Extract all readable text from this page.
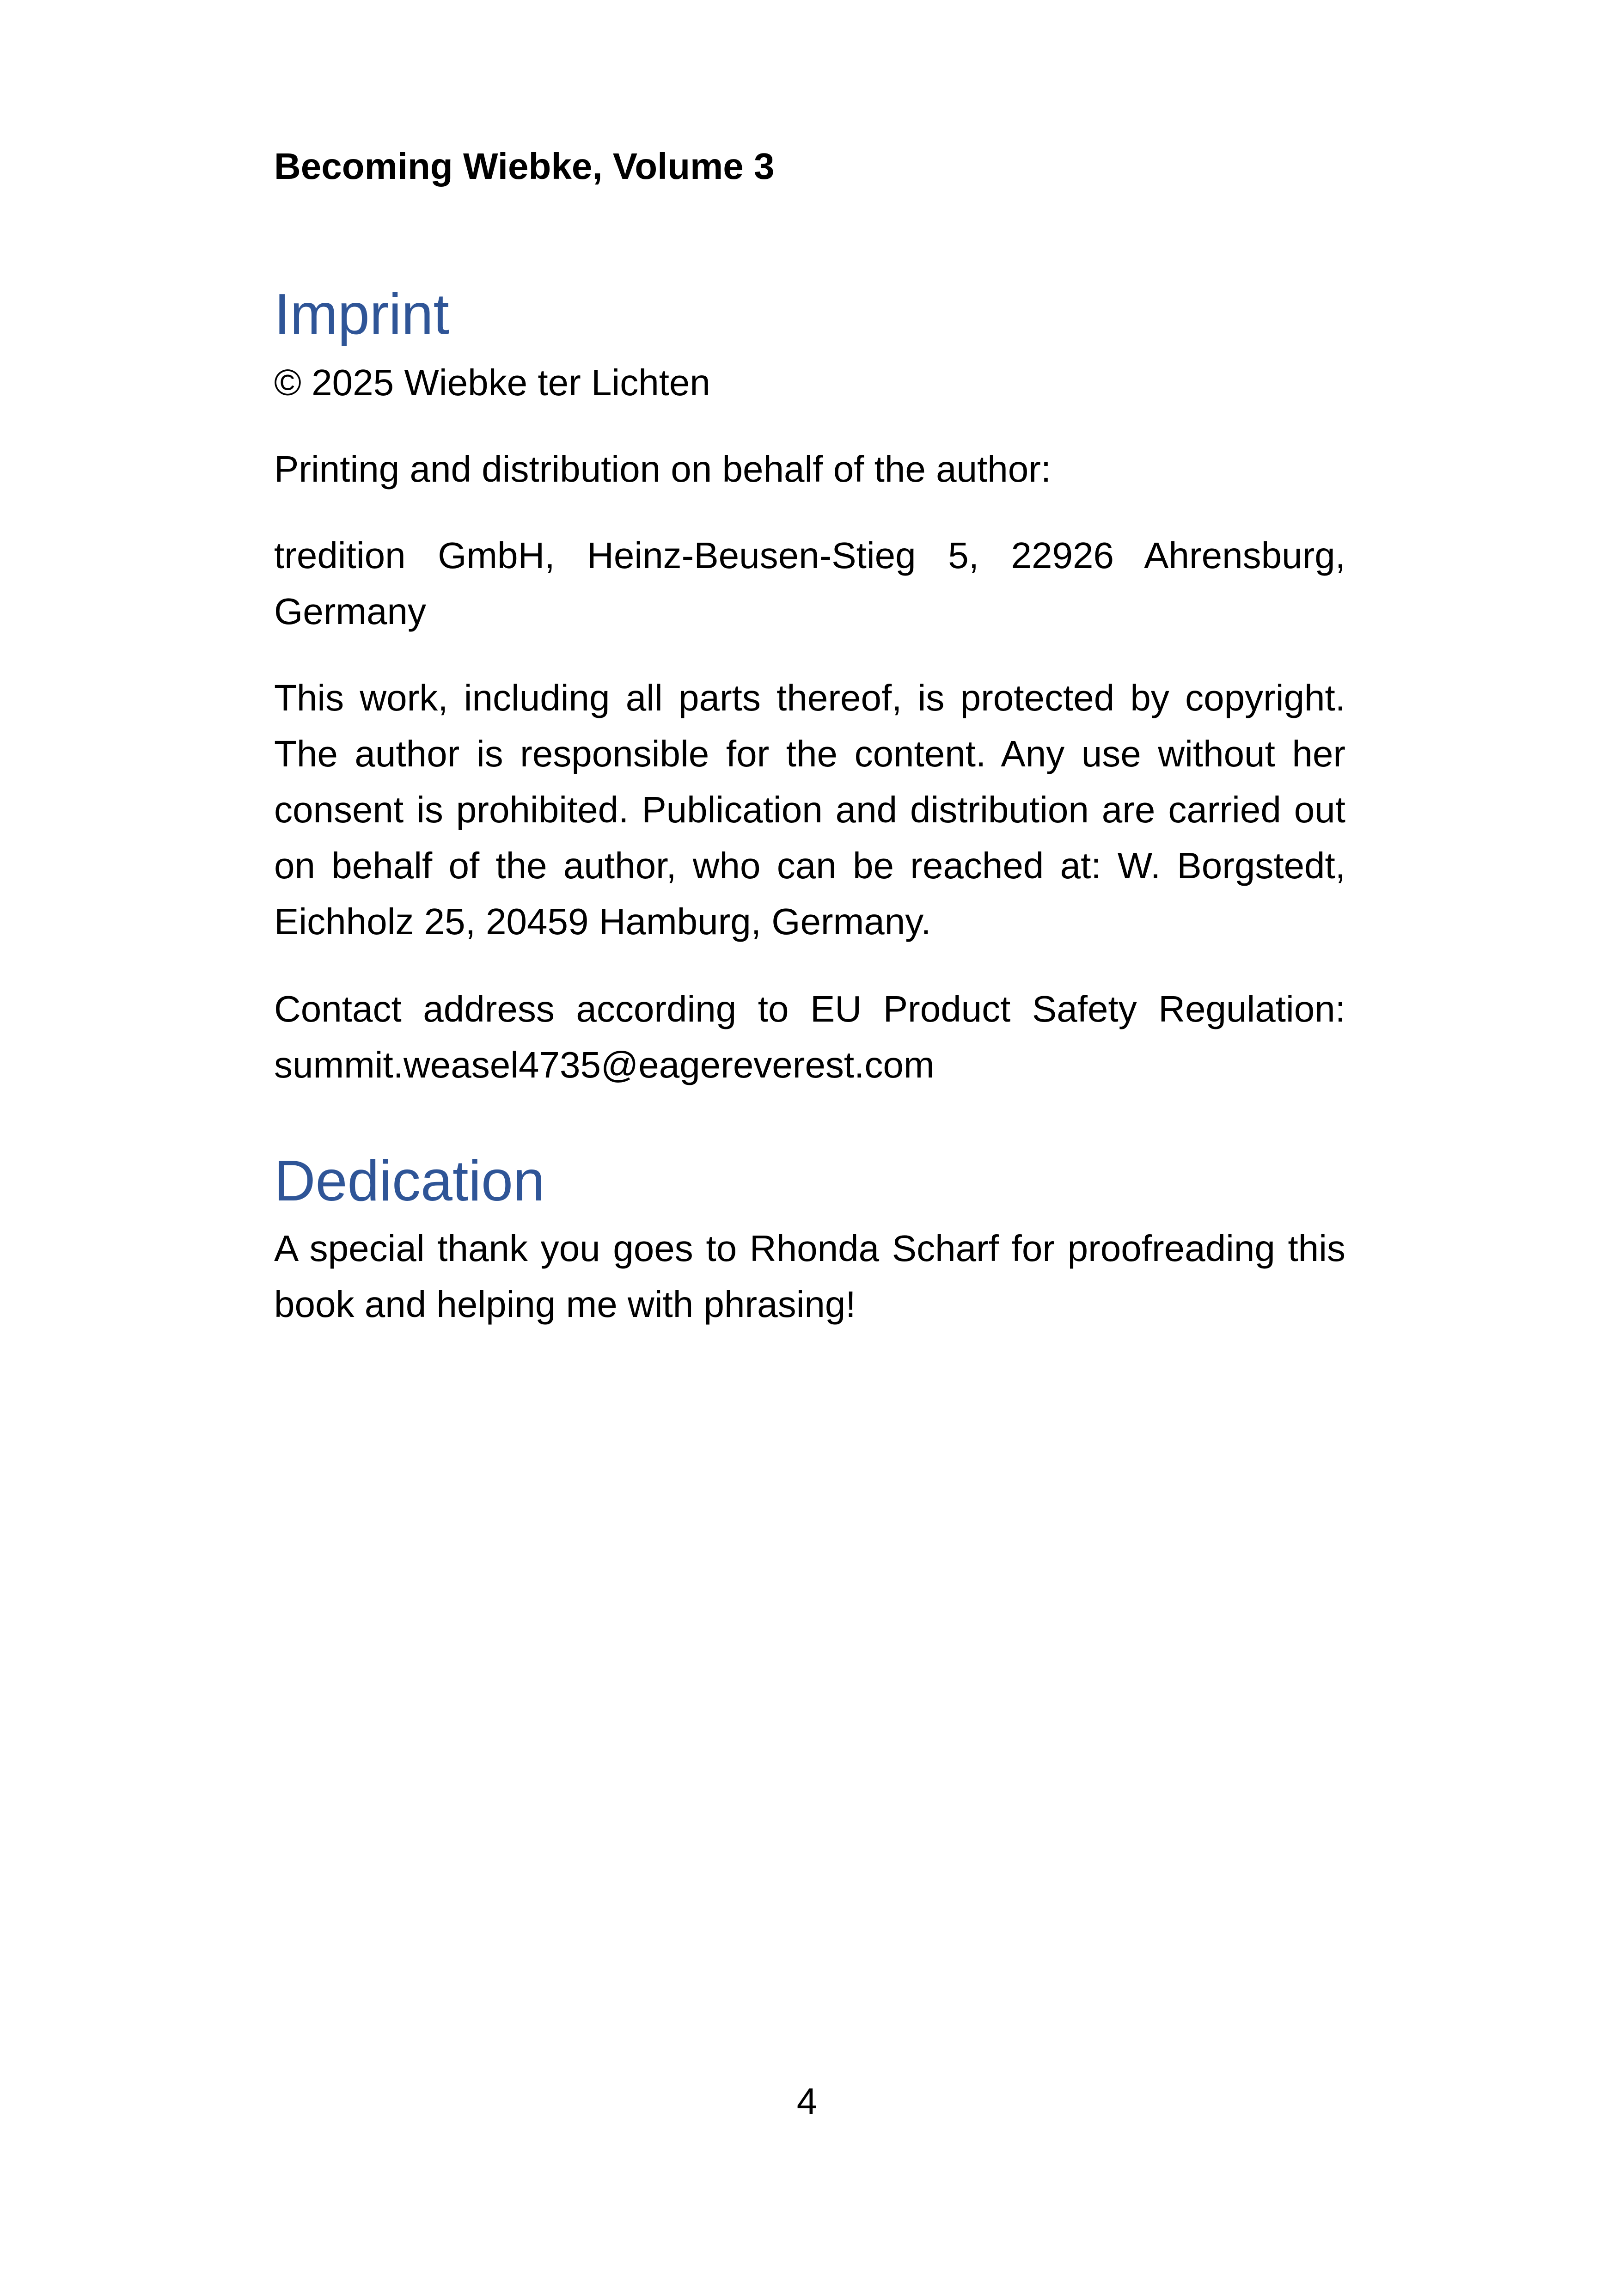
Becoming Wiebke, Volume 3
Imprint

© 2025 Wiebke ter Lichten

Printing and distribution on behalf of the author:

tredition GmbH, Heinz-Beusen-Stieg 5, 22926 Ahrensburg, Germany

This work, including all parts thereof, is protected by copyright. The author is responsible for the content. Any use without her consent is prohibited. Publication and distribution are carried out on behalf of the author, who can be reached at: W. Borgstedt, Eichholz 25, 20459 Hamburg, Germany.

Contact address according to EU Product Safety Regulation: summit.weasel4735@eagereverest.com

Dedication

A special thank you goes to Rhonda Scharf for proofreading this book and helping me with phrasing!

4
